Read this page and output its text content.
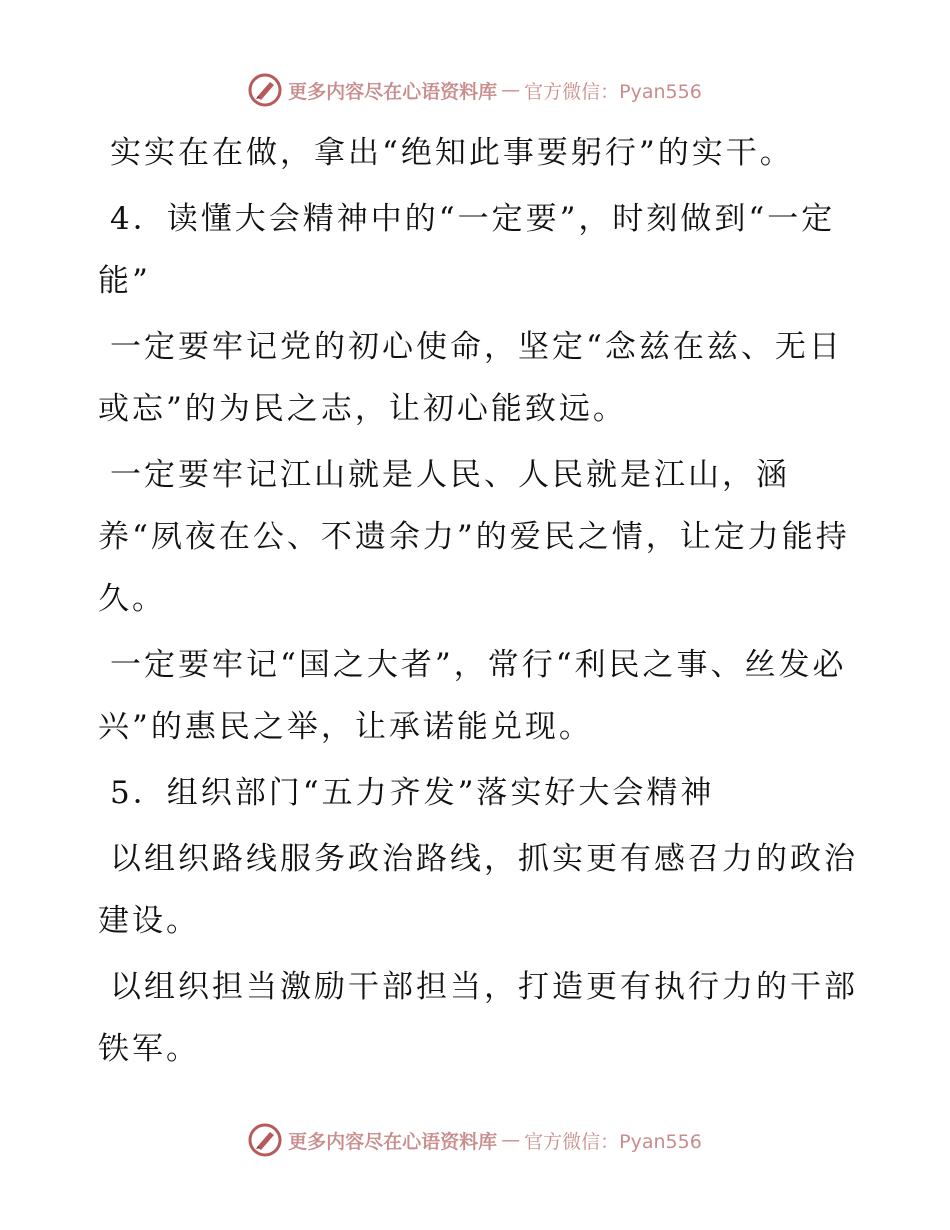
更多内容尽在心语资料库 — 官方微信：Pyan556

实实在在做，拿出“绝知此事要躬行”的实干。

4．读懂大会精神中的“一定要”，时刻做到“一定能”

一定要牢记党的初心使命，坚定“念兹在兹、无日或忘”的为民之志，让初心能致远。

一定要牢记江山就是人民、人民就是江山，涵养“夙夜在公、不遗余力”的爱民之情，让定力能持久。

一定要牢记“国之大者”，常行“利民之事、丝发必兴”的惠民之举，让承诺能兑现。

5．组织部门“五力齐发”落实好大会精神

以组织路线服务政治路线，抓实更有感召力的政治建设。

以组织担当激励干部担当，打造更有执行力的干部铁军。

更多内容尽在心语资料库 — 官方微信：Pyan556
